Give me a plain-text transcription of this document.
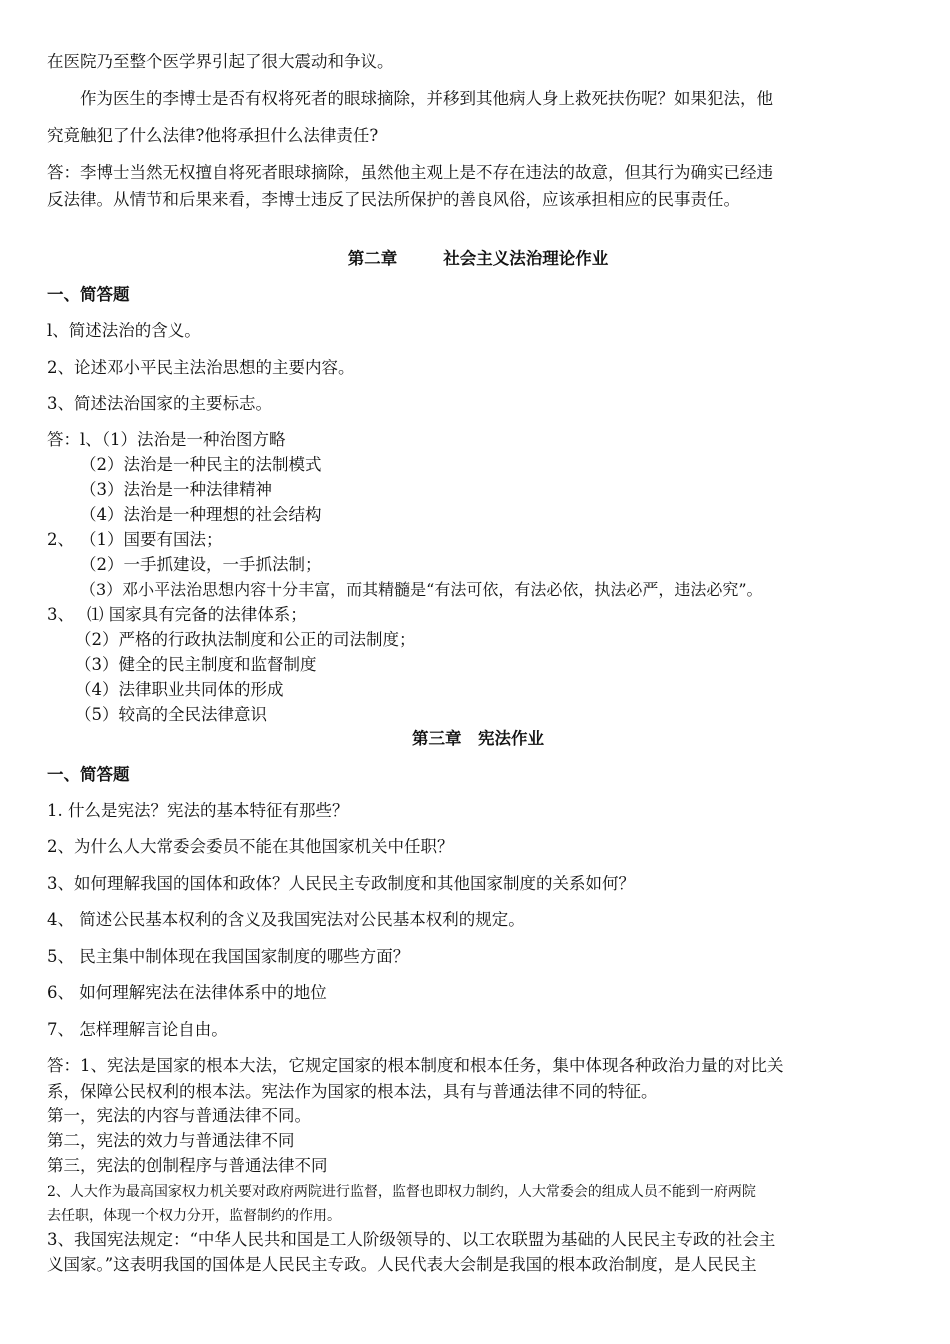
在医院乃至整个医学界引起了很大震动和争议。
作为医生的李博士是否有权将死者的眼球摘除，并移到其他病人身上救死扶伤呢？如果犯法，他
究竟触犯了什么法律?他将承担什么法律责任?
答：李博士当然无权擅自将死者眼球摘除，虽然他主观上是不存在违法的故意，但其行为确实已经违
反法律。从情节和后果来看，李博士违反了民法所保护的善良风俗，应该承担相应的民事责任。
第二章	社会主义法治理论作业
一、简答题
l、简述法治的含义。
2、论述邓小平民主法治思想的主要内容。
3、简述法治国家的主要标志。
答：l、（1）法治是一种治图方略
（2）法治是一种民主的法制模式
（3）法治是一种法律精神
（4）法治是一种理想的社会结构
2、 （1）国要有国法；
（2）一手抓建设，一手抓法制；
（3）邓小平法治思想内容十分丰富，而其精髓是“有法可依，有法必依，执法必严，违法必究”。
3、 ⑴ 国家具有完备的法律体系；
（2）严格的行政执法制度和公正的司法制度；
（3）健全的民主制度和监督制度
（4）法律职业共同体的形成
（5）较高的全民法律意识
第三章　宪法作业
一、简答题
1. 什么是宪法？宪法的基本特征有那些？
2、为什么人大常委会委员不能在其他国家机关中任职？
3、如何理解我国的国体和政体？人民民主专政制度和其他国家制度的关系如何？
4、 简述公民基本权利的含义及我国宪法对公民基本权利的规定。
5、 民主集中制体现在我国国家制度的哪些方面？
6、 如何理解宪法在法律体系中的地位
7、 怎样理解言论自由。
答：1、宪法是国家的根本大法，它规定国家的根本制度和根本任务，集中体现各种政治力量的对比关
系，保障公民权利的根本法。宪法作为国家的根本法，具有与普通法律不同的特征。
第一，宪法的内容与普通法律不同。
第二，宪法的效力与普通法律不同
第三，宪法的创制程序与普通法律不同
2、人大作为最高国家权力机关要对政府两院进行监督，监督也即权力制约，人大常委会的组成人员不能到一府两院
去任职，体现一个权力分开，监督制约的作用。
3、我国宪法规定：“中华人民共和国是工人阶级领导的、以工农联盟为基础的人民民主专政的社会主
义国家。”这表明我国的国体是人民民主专政。人民代表大会制是我国的根本政治制度，是人民民主
